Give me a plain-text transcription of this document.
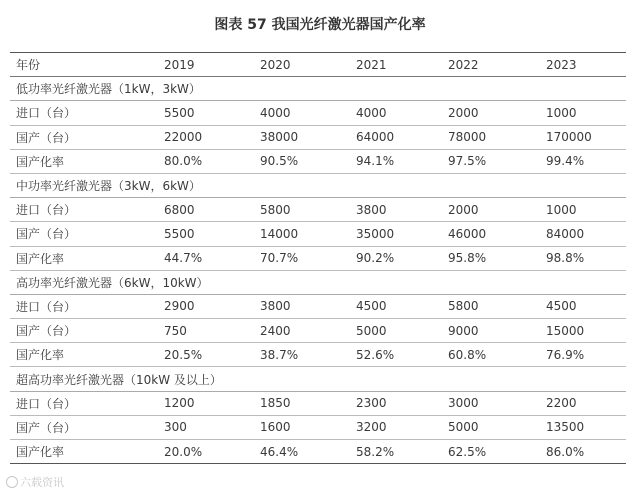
图表 57 我国光纤激光器国产化率
年份	2019	2020	2021	2022	2023
低功率光纤激光器（1kW，3kW）					
进口（台）	5500	4000	4000	2000	1000
国产（台）	22000	38000	64000	78000	170000
国产化率	80.0%	90.5%	94.1%	97.5%	99.4%
中功率光纤激光器（3kW，6kW）					
进口（台）	6800	5800	3800	2000	1000
国产（台）	5500	14000	35000	46000	84000
国产化率	44.7%	70.7%	90.2%	95.8%	98.8%
高功率光纤激光器（6kW，10kW）					
进口（台）	2900	3800	4500	5800	4500
国产（台）	750	2400	5000	9000	15000
国产化率	20.5%	38.7%	52.6%	60.8%	76.9%
超高功率光纤激光器（10kW 及以上）					
进口（台）	1200	1850	2300	3000	2200
国产（台）	300	1600	3200	5000	13500
国产化率	20.0%	46.4%	58.2%	62.5%	86.0%
六载资讯
